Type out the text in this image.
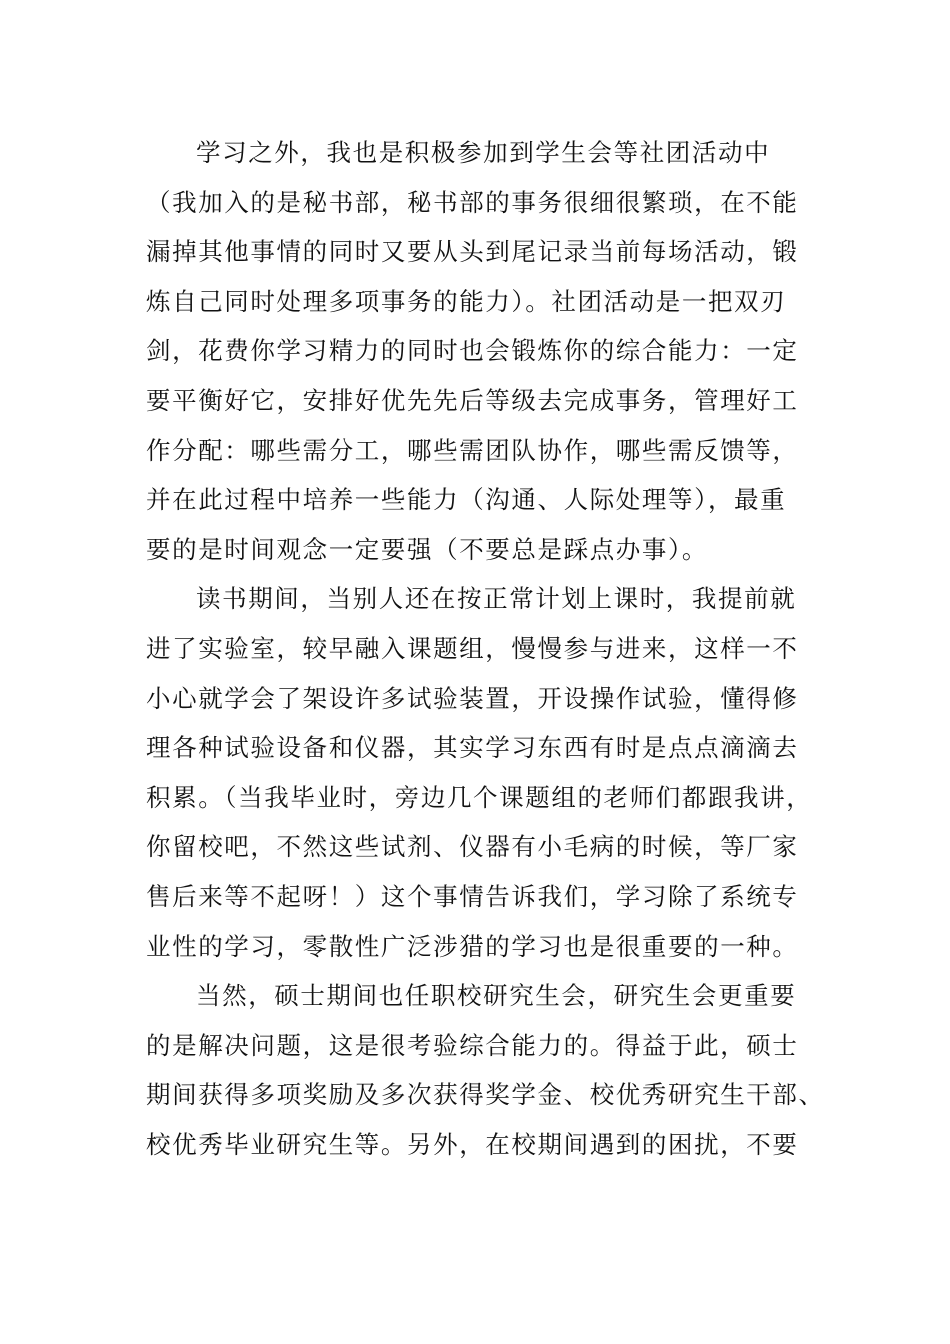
学习之外，我也是积极参加到学生会等社团活动中
（我加入的是秘书部，秘书部的事务很细很繁琐，在不能
漏掉其他事情的同时又要从头到尾记录当前每场活动，锻
炼自己同时处理多项事务的能力）。社团活动是一把双刃
剑，花费你学习精力的同时也会锻炼你的综合能力：一定
要平衡好它，安排好优先先后等级去完成事务，管理好工
作分配：哪些需分工，哪些需团队协作，哪些需反馈等，
并在此过程中培养一些能力（沟通、人际处理等），最重
要的是时间观念一定要强（不要总是踩点办事）。
读书期间，当别人还在按正常计划上课时，我提前就
进了实验室，较早融入课题组，慢慢参与进来，这样一不
小心就学会了架设许多试验装置，开设操作试验，懂得修
理各种试验设备和仪器，其实学习东西有时是点点滴滴去
积累。（当我毕业时，旁边几个课题组的老师们都跟我讲，
你留校吧，不然这些试剂、仪器有小毛病的时候，等厂家
售后来等不起呀！）这个事情告诉我们，学习除了系统专
业性的学习，零散性广泛涉猎的学习也是很重要的一种。
当然，硕士期间也任职校研究生会，研究生会更重要
的是解决问题，这是很考验综合能力的。得益于此，硕士
期间获得多项奖励及多次获得奖学金、校优秀研究生干部、
校优秀毕业研究生等。另外，在校期间遇到的困扰，不要
